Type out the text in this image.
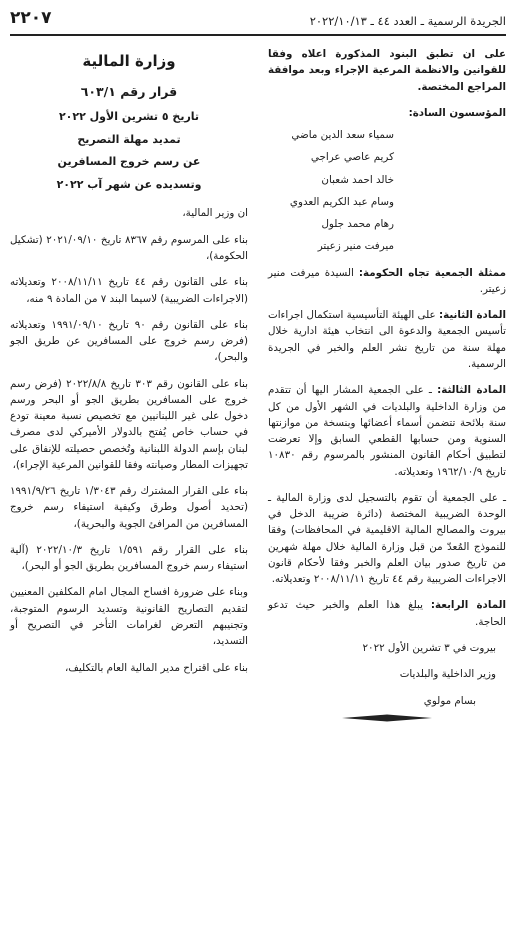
الجريدة الرسمية ـ العدد ٤٤ ـ ٢٠٢٢/١٠/١٣
٢٢٠٧

على ان تطبق البنود المذكورة اعلاه وفقا للقوانين والانظمة المرعية الإجراء وبعد موافقة المراجع المختصة.

المؤسسون السادة:

سمياء سعد الدين ماضي
كريم عاصي عراجي
خالد احمد شعبان
وسام عبد الكريم العدوي
رهام محمد جلول
ميرفت منير زعيتر

ممثلة الجمعية تجاه الحكومة: السيدة ميرفت منير زعيتر.

المادة الثانية: على الهيئة التأسيسية استكمال اجراءات تأسيس الجمعية والدعوة الى انتخاب هيئة ادارية خلال مهلة سنة من تاريخ نشر العلم والخبر في الجريدة الرسمية.

المادة الثالثة: ـ على الجمعية المشار اليها أن تتقدم من وزارة الداخلية والبلديات في الشهر الأول من كل سنة بلائحة تتضمن أسماء أعضائها وبنسخة من موازنتها السنوية ومن حسابها القطعي السابق وإلا تعرضت لتطبيق أحكام القانون المنشور بالمرسوم رقم ١٠٨٣٠ تاريخ ١٩٦٢/١٠/٩ وتعديلاته.

ـ على الجمعية أن تقوم بالتسجيل لدى وزارة المالية ـ الوحدة الضريبية المختصة (دائرة ضريبة الدخل في بيروت والمصالح المالية الاقليمية في المحافظات) وفقا للنموذج المُعدّ من قبل وزارة المالية خلال مهلة شهرين من تاريخ صدور بيان العلم والخبر وفقا لأحكام قانون الاجراءات الضريبية رقم ٤٤ تاريخ ٢٠٠٨/١١/١١ وتعديلاته.

المادة الرابعة: يبلغ هذا العلم والخبر حيث تدعو الحاجة.

بيروت في ٣ تشرين الأول ٢٠٢٢

وزير الداخلية والبلديات

بسام مولوي

وزارة المالية
قرار رقم ٦٠٣/١
تاريخ ٥ تشرين الأول ٢٠٢٢
تمديد مهلة التصريح
عن رسم خروج المسافرين
وتسديده عن شهر آب ٢٠٢٢

ان وزير المالية،

بناء على المرسوم رقم ٨٣٦٧ تاريخ ٢٠٢١/٠٩/١٠ (تشكيل الحكومة)،

بناء على القانون رقم ٤٤ تاريخ ٢٠٠٨/١١/١١ وتعديلاته (الاجراءات الضريبية) لاسيما البند ٧ من المادة ٩ منه،

بناء على القانون رقم ٩٠ تاريخ ١٩٩١/٠٩/١٠ وتعديلاته (فرض رسم خروج على المسافرين عن طريق الجو والبحر)،

بناء على القانون رقم ٣٠٣ تاريخ ٢٠٢٢/٨/٨ (فرض رسم خروج على المسافرين بطريق الجو أو البحر ورسم دخول على غير اللبنانيين مع تخصيص نسبة معينة تودع في حساب خاص يُفتح بالدولار الأميركي لدى مصرف لبنان بإسم الدولة اللبنانية وتُخصص حصيلته للإنفاق على تجهيزات المطار وصيانته وفقا للقوانين المرعية الإجراء)،

بناء على القرار المشترك رقم ١/٣٠٤٣ تاريخ ١٩٩١/٩/٢٦ (تحديد أصول وطرق وكيفية استيفاء رسم خروج المسافرين من المرافئ الجوية والبحرية)،

بناء على القرار رقم ١/٥٩١ تاريخ ٢٠٢٢/١٠/٣ (آلية استيفاء رسم خروج المسافرين بطريق الجو أو البحر)،

وبناء على ضرورة افساح المجال امام المكلفين المعنيين لتقديم التصاريح القانونية وتسديد الرسوم المتوجبة، وتجنيبهم التعرض لغرامات التأخر في التصريح أو التسديد،

بناء على اقتراح مدير المالية العام بالتكليف،
